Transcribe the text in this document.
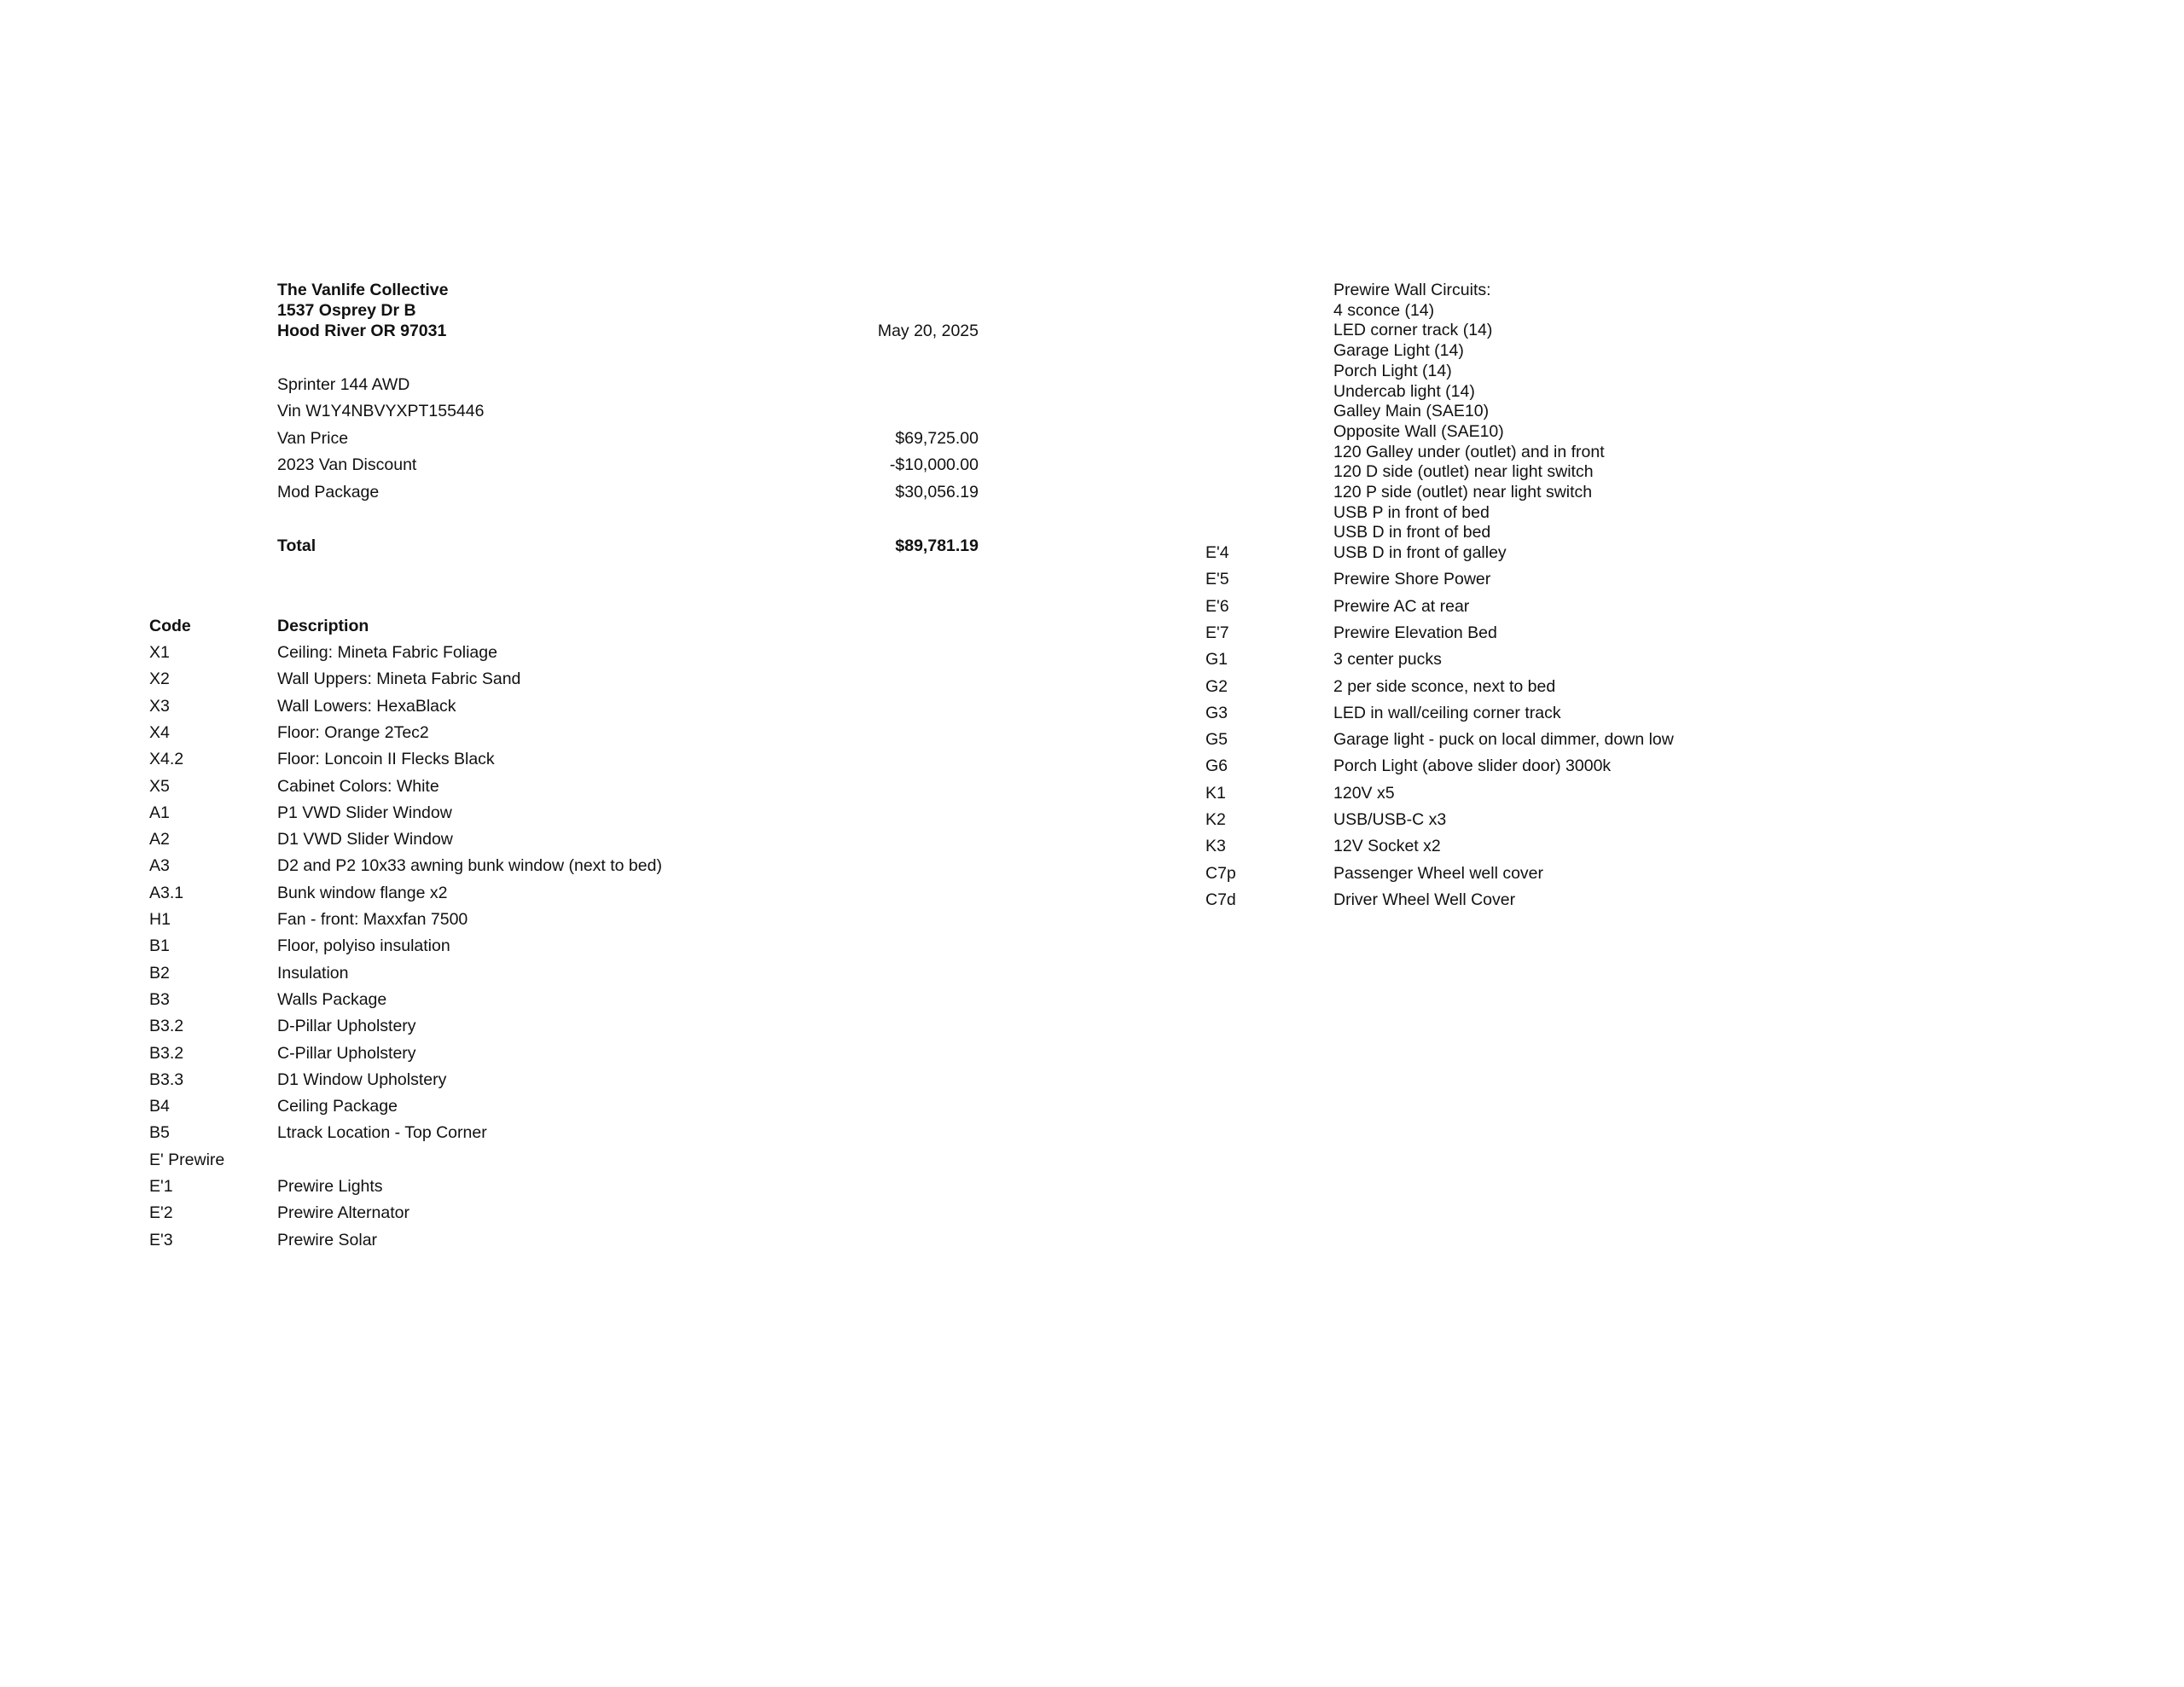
The Vanlife Collective
1537 Osprey Dr B
Hood River OR 97031	May 20, 2025
Sprinter 144 AWD
Vin W1Y4NBVYXPT155446
Van Price	$69,725.00
2023 Van Discount	-$10,000.00
Mod Package	$30,056.19
Total	$89,781.19
Code	Description
X1	Ceiling: Mineta Fabric Foliage
X2	Wall Uppers: Mineta Fabric Sand
X3	Wall Lowers: HexaBlack
X4	Floor: Orange 2Tec2
X4.2	Floor: Loncoin II Flecks Black
X5	Cabinet Colors: White
A1	P1 VWD Slider Window
A2	D1 VWD Slider Window
A3	D2 and P2 10x33 awning bunk window (next to bed)
A3.1	Bunk window flange x2
H1	Fan - front: Maxxfan 7500
B1	Floor, polyiso insulation
B2	Insulation
B3	Walls Package
B3.2	D-Pillar Upholstery
B3.2	C-Pillar Upholstery
B3.3	D1 Window Upholstery
B4	Ceiling Package
B5	Ltrack Location - Top Corner
E' Prewire
E'1	Prewire Lights
E'2	Prewire Alternator
E'3	Prewire Solar
Prewire Wall Circuits:
4 sconce (14)
LED corner track (14)
Garage Light (14)
Porch Light (14)
Undercab light (14)
Galley Main (SAE10)
Opposite Wall (SAE10)
120 Galley under (outlet) and in front
120 D side (outlet) near light switch
120 P side (outlet) near light switch
USB P in front of bed
USB D in front of bed
E'4	USB D in front of galley
E'5	Prewire Shore Power
E'6	Prewire AC at rear
E'7	Prewire Elevation Bed
G1	3 center pucks
G2	2 per side sconce, next to bed
G3	LED in wall/ceiling corner track
G5	Garage light - puck on local dimmer, down low
G6	Porch Light (above slider door) 3000k
K1	120V x5
K2	USB/USB-C x3
K3	12V Socket x2
C7p	Passenger Wheel well cover
C7d	Driver Wheel Well Cover
